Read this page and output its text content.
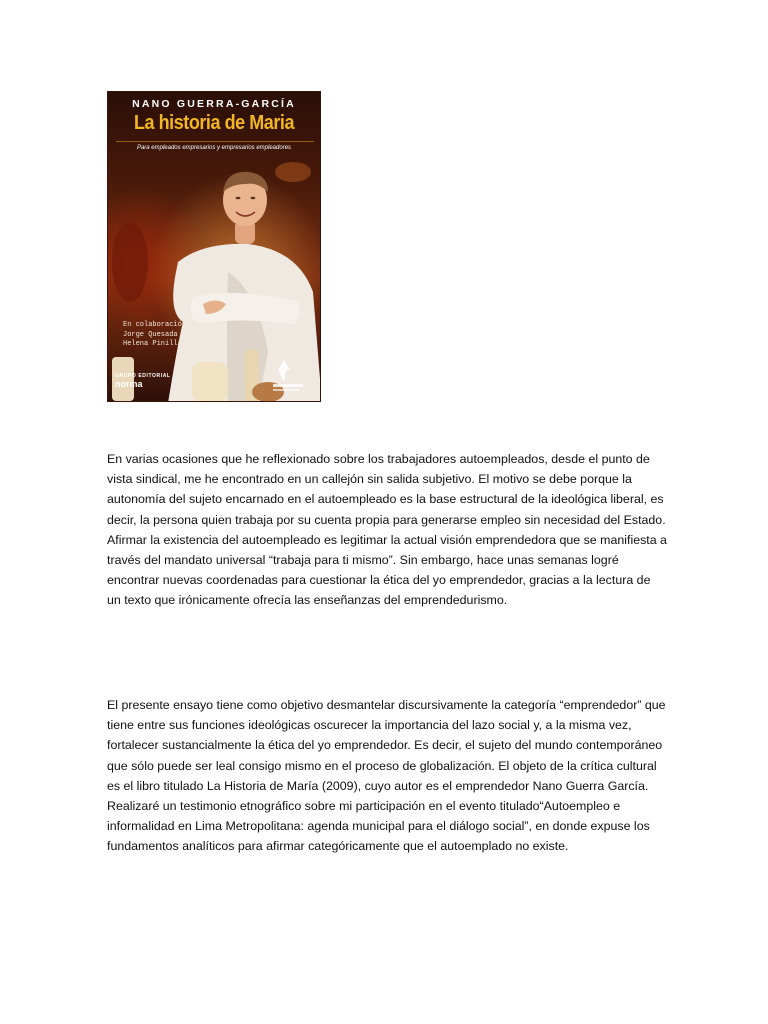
NANO GUERRA-GARCÍA
La historia de Maria
Para empleados empresarios y empresarios empleadores
En colaboración con:
Jorge Quesada
Helena Pinilla
GRUPO EDITORIAL
norma

En varias ocasiones que he reflexionado sobre los trabajadores autoempleados, desde el punto de vista sindical, me he encontrado en un callejón sin salida subjetivo. El motivo se debe porque la autonomía del sujeto encarnado en el autoempleado es la base estructural de la ideológica liberal, es decir, la persona quien trabaja por su cuenta propia para generarse empleo sin necesidad del Estado. Afirmar la existencia del autoempleado es legitimar la actual visión emprendedora que se manifiesta a través del mandato universal “trabaja para ti mismo”. Sin embargo, hace unas semanas logré encontrar nuevas coordenadas para cuestionar la ética del yo emprendedor, gracias a la lectura de un texto que irónicamente ofrecía las enseñanzas del emprendedurismo.

El presente ensayo tiene como objetivo desmantelar discursivamente la categoría “emprendedor” que tiene entre sus funciones ideológicas oscurecer la importancia del lazo social y, a la misma vez, fortalecer sustancialmente la ética del yo emprendedor. Es decir, el sujeto del mundo contemporáneo que sólo puede ser leal consigo mismo en el proceso de globalización. El objeto de la crítica cultural es el libro titulado La Historia de María (2009), cuyo autor es el emprendedor Nano Guerra García. Realizaré un testimonio etnográfico sobre mi participación en el evento titulado“Autoempleo e informalidad en Lima Metropolitana: agenda municipal para el diálogo social”, en donde expuse los fundamentos analíticos para afirmar categóricamente que el autoemplado no existe.
